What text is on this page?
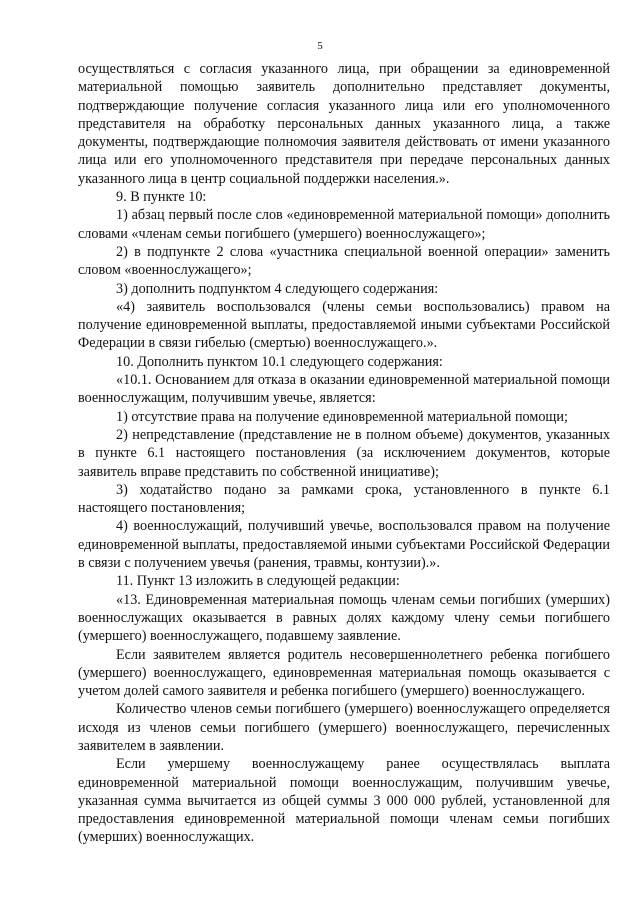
5

осуществляться с согласия указанного лица, при обращении за единовременной материальной помощью заявитель дополнительно представляет документы, подтверждающие получение согласия указанного лица или его уполномоченного представителя на обработку персональных данных указанного лица, а также документы, подтверждающие полномочия заявителя действовать от имени указанного лица или его уполномоченного представителя при передаче персональных данных указанного лица в центр социальной поддержки населения.».

9. В пункте 10:

1) абзац первый после слов «единовременной материальной помощи» дополнить словами «членам семьи погибшего (умершего) военнослужащего»;

2) в подпункте 2 слова «участника специальной военной операции» заменить словом «военнослужащего»;

3) дополнить подпунктом 4 следующего содержания:

«4) заявитель воспользовался (члены семьи воспользовались) правом на получение единовременной выплаты, предоставляемой иными субъектами Российской Федерации в связи гибелью (смертью) военнослужащего.».

10. Дополнить пунктом 10.1 следующего содержания:

«10.1. Основанием для отказа в оказании единовременной материальной помощи военнослужащим, получившим увечье, является:

1) отсутствие права на получение единовременной материальной помощи;

2) непредставление (представление не в полном объеме) документов, указанных в пункте 6.1 настоящего постановления (за исключением документов, которые заявитель вправе представить по собственной инициативе);

3) ходатайство подано за рамками срока, установленного в пункте 6.1 настоящего постановления;

4) военнослужащий, получивший увечье, воспользовался правом на получение единовременной выплаты, предоставляемой иными субъектами Российской Федерации в связи с получением увечья (ранения, травмы, контузии).».

11. Пункт 13 изложить в следующей редакции:

«13. Единовременная материальная помощь членам семьи погибших (умерших) военнослужащих оказывается в равных долях каждому члену семьи погибшего (умершего) военнослужащего, подавшему заявление.

Если заявителем является родитель несовершеннолетнего ребенка погибшего (умершего) военнослужащего, единовременная материальная помощь оказывается с учетом долей самого заявителя и ребенка погибшего (умершего) военнослужащего.

Количество членов семьи погибшего (умершего) военнослужащего определяется исходя из членов семьи погибшего (умершего) военнослужащего, перечисленных заявителем в заявлении.

Если умершему военнослужащему ранее осуществлялась выплата единовременной материальной помощи военнослужащим, получившим увечье, указанная сумма вычитается из общей суммы 3 000 000 рублей, установленной для предоставления единовременной материальной помощи членам семьи погибших (умерших) военнослужащих.
